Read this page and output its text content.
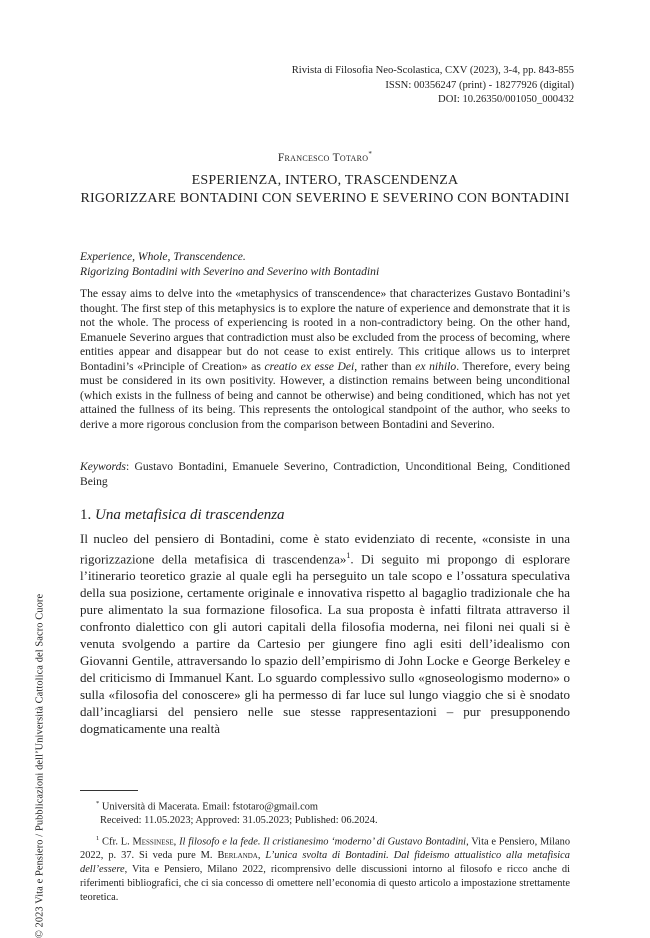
Rivista di Filosofia Neo-Scolastica, CXV (2023), 3-4, pp. 843-855
ISSN: 00356247 (print) - 18277926 (digital)
DOI: 10.26350/001050_000432
Francesco Totaro*
ESPERIENZA, INTERO, TRASCENDENZA
RIGORIZZARE BONTADINI CON SEVERINO E SEVERINO CON BONTADINI
Experience, Whole, Transcendence.
Rigorizing Bontadini with Severino and Severino with Bontadini
The essay aims to delve into the «metaphysics of transcendence» that characterizes Gustavo Bontadini’s thought. The first step of this metaphysics is to explore the nature of experience and demonstrate that it is not the whole. The process of experiencing is rooted in a non-contradictory being. On the other hand, Emanuele Severino argues that contradiction must also be excluded from the process of becoming, where entities appear and disappear but do not cease to exist entirely. This critique allows us to interpret Bontadini’s «Principle of Creation» as creatio ex esse Dei, rather than ex nihilo. Therefore, every being must be considered in its own positivity. However, a distinction remains between being unconditional (which exists in the fullness of being and cannot be otherwise) and being conditioned, which has not yet attained the fullness of its being. This represents the ontological standpoint of the author, who seeks to derive a more rigorous conclusion from the comparison between Bontadini and Severino.
Keywords: Gustavo Bontadini, Emanuele Severino, Contradiction, Unconditional Being, Conditioned Being
1. Una metafisica di trascendenza
Il nucleo del pensiero di Bontadini, come è stato evidenziato di recente, «consiste in una rigorizzazione della metafisica di trascendenza»$^1$. Di seguito mi propongo di esplorare l’itinerario teoretico grazie al quale egli ha perseguito un tale scopo e l’ossatura speculativa della sua posizione, certamente originale e innovativa rispetto al bagaglio tradizionale che ha pure alimentato la sua formazione filosofica. La sua proposta è infatti filtrata attraverso il confronto dialettico con gli autori capitali della filosofia moderna, nei filoni nei quali si è venuta svolgendo a partire da Cartesio per giungere fino agli esiti dell’idealismo con Giovanni Gentile, attraversando lo spazio dell’empirismo di John Locke e George Berkeley e del criticismo di Immanuel Kant. Lo sguardo complessivo sullo «gnoseologismo moderno» o sulla «filosofia del conoscere» gli ha permesso di far luce sul lungo viaggio che si è snodato dall’incagliarsi del pensiero nelle sue stesse rappresentazioni – pur presupponendo dogmaticamente una realtà
* Università di Macerata. Email: fstotaro@gmail.com
Received: 11.05.2023; Approved: 31.05.2023; Published: 06.2024.
$^1$ Cfr. L. Messinese, Il filosofo e la fede. Il cristianesimo ‘moderno’ di Gustavo Bontadini, Vita e Pensiero, Milano 2022, p. 37. Si veda pure M. Berlanda, L’unica svolta di Bontadini. Dal fideismo attualistico alla metafisica dell’essere, Vita e Pensiero, Milano 2022, ricomprensivo delle discussioni intorno al filosofo e ricco anche di riferimenti bibliografici, che ci sia concesso di omettere nell’economia di questo articolo a impostazione strettamente teoretica.
© 2023 Vita e Pensiero / Pubblicazioni dell’Università Cattolica del Sacro Cuore
